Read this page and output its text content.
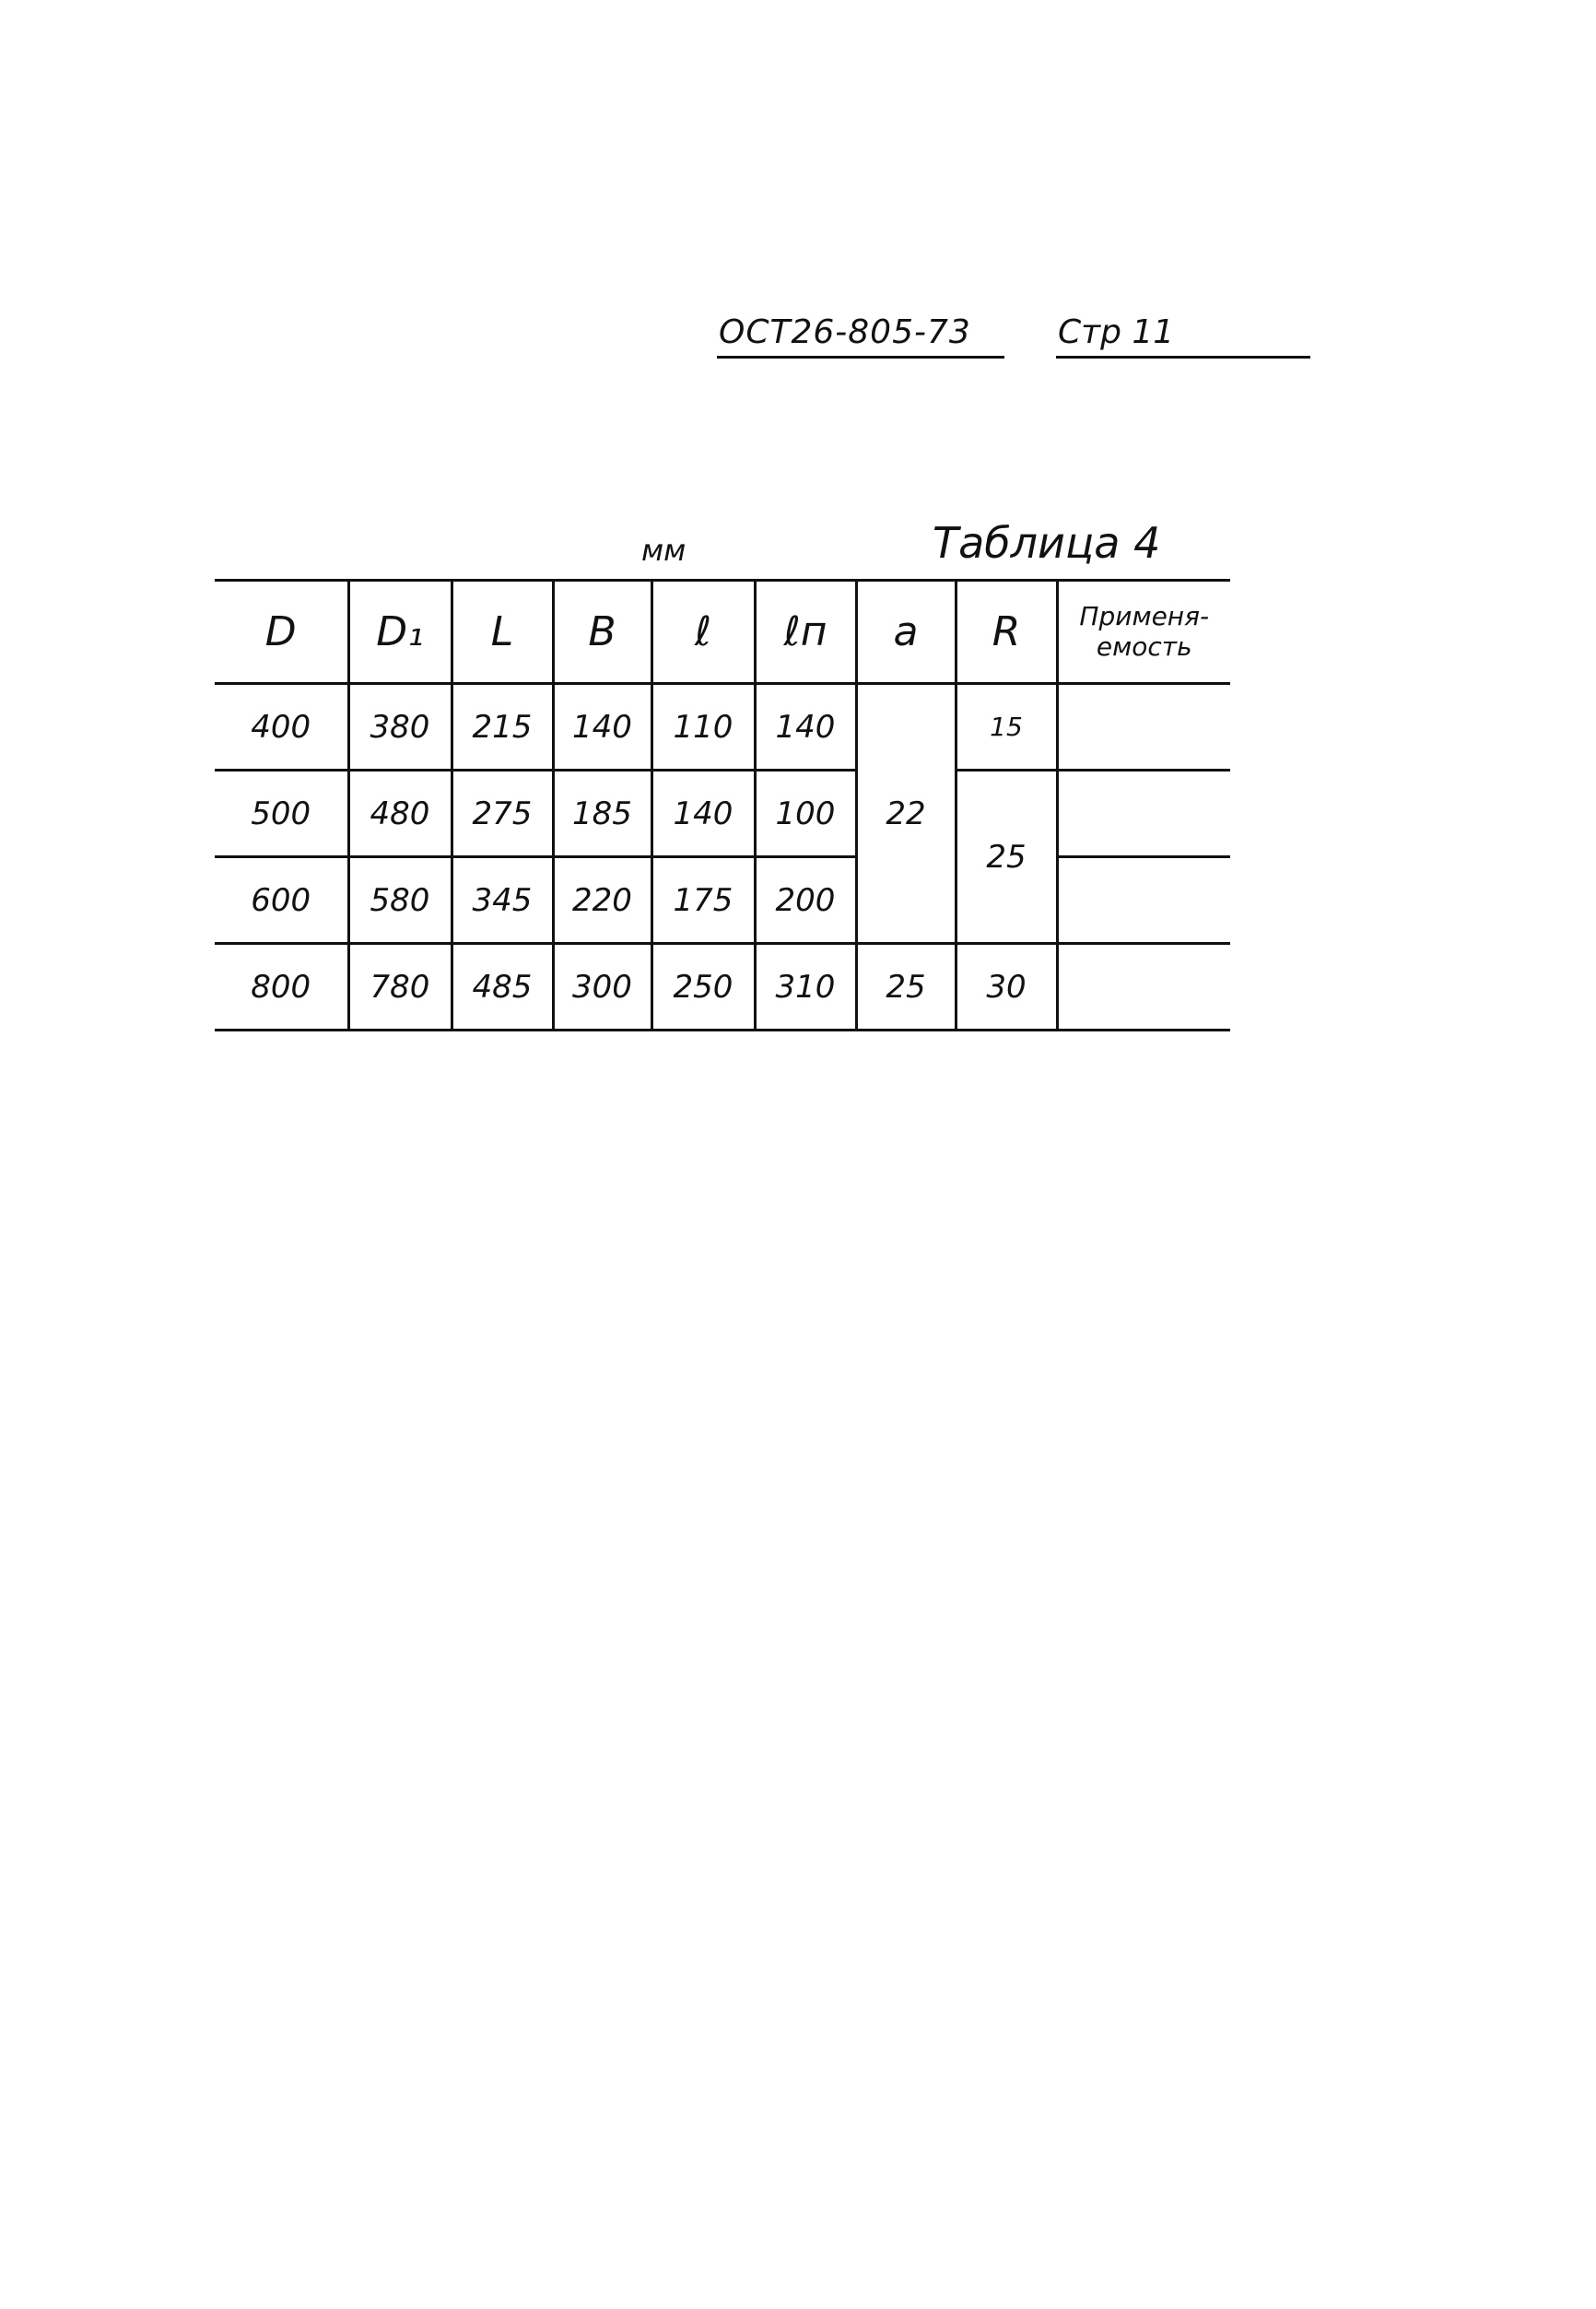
ОСТ26-805-73	Стр 11
мм	Таблица 4
D	D₁	L	B	ℓ	ℓп	a	R	Применя-емость
400	380	215	140	110	140	22	15	
500	480	275	185	140	100		25	
600	580	345	220	175	200			
800	780	485	300	250	310	25	30	
